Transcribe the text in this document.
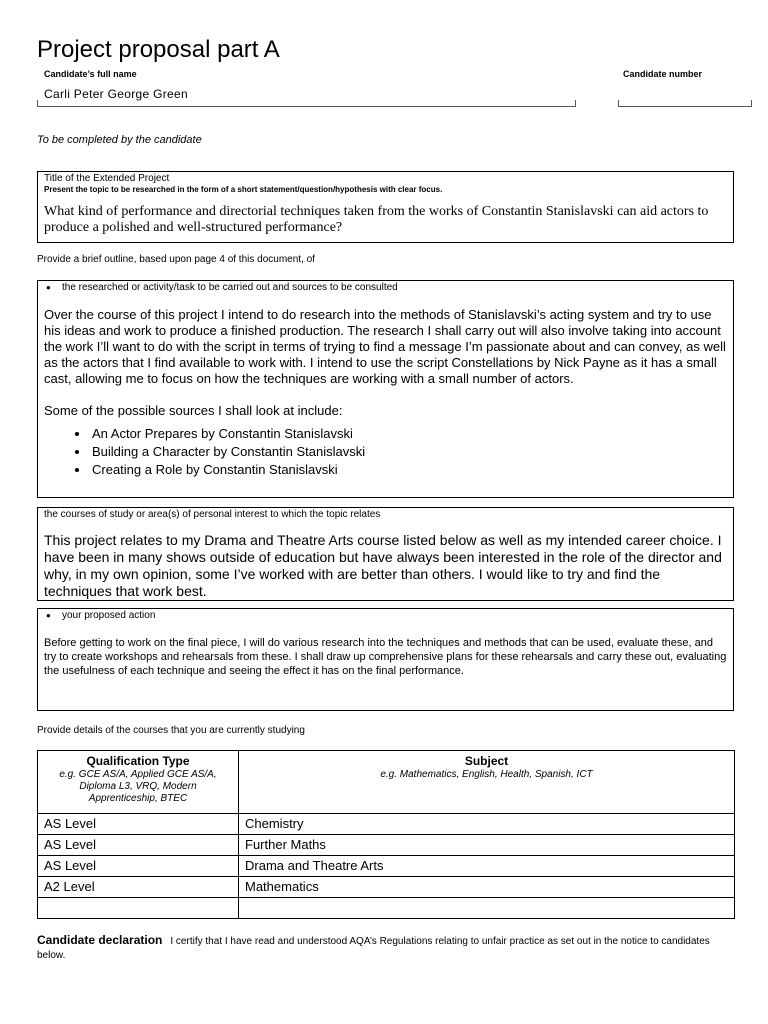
Project proposal part A
Candidate’s full name	Candidate number
Carli Peter George Green
To be completed by the candidate
Title of the Extended Project
Present the topic to be researched in the form of a short statement/question/hypothesis with clear focus.
What kind of performance and directorial techniques taken from the works of Constantin Stanislavski can aid actors to produce a polished and well-structured performance?
Provide a brief outline, based upon page 4 of this document, of
●	the researched or activity/task to be carried out and sources to be consulted
Over the course of this project I intend to do research into the methods of Stanislavski’s acting system and try to use his ideas and work to produce a finished production. The research I shall carry out will also involve taking into account the work I’ll want to do with the script in terms of trying to find a message I’m passionate about and can convey, as well as the actors that I find available to work with. I intend to use the script Constellations by Nick Payne as it has a small cast, allowing me to focus on how the techniques are working with a small number of actors.
Some of the possible sources I shall look at include:
• An Actor Prepares by Constantin Stanislavski
• Building a Character by Constantin Stanislavski
• Creating a Role by Constantin Stanislavski
the courses of study or area(s) of personal interest to which the topic relates
This project relates to my Drama and Theatre Arts course listed below as well as my intended career choice. I have been in many shows outside of education but have always been interested in the role of the director and why, in my own opinion, some I’ve worked with are better than others. I would like to try and find the techniques that work best.
●	your proposed action
Before getting to work on the final piece, I will do various research into the techniques and methods that can be used, evaluate these, and try to create workshops and rehearsals from these. I shall draw up comprehensive plans for these rehearsals and carry these out, evaluating the usefulness of each technique and seeing the effect it has on the final performance.
Provide details of the courses that you are currently studying
Qualification Type	Subject
e.g. GCE AS/A, Applied GCE AS/A, Diploma L3, VRQ, Modern Apprenticeship, BTEC	e.g. Mathematics, English, Health, Spanish, ICT
AS Level	Chemistry
AS Level	Further Maths
AS Level	Drama and Theatre Arts
A2 Level	Mathematics

Candidate declaration I certify that I have read and understood AQA’s Regulations relating to unfair practice as set out in the notice to candidates below.
